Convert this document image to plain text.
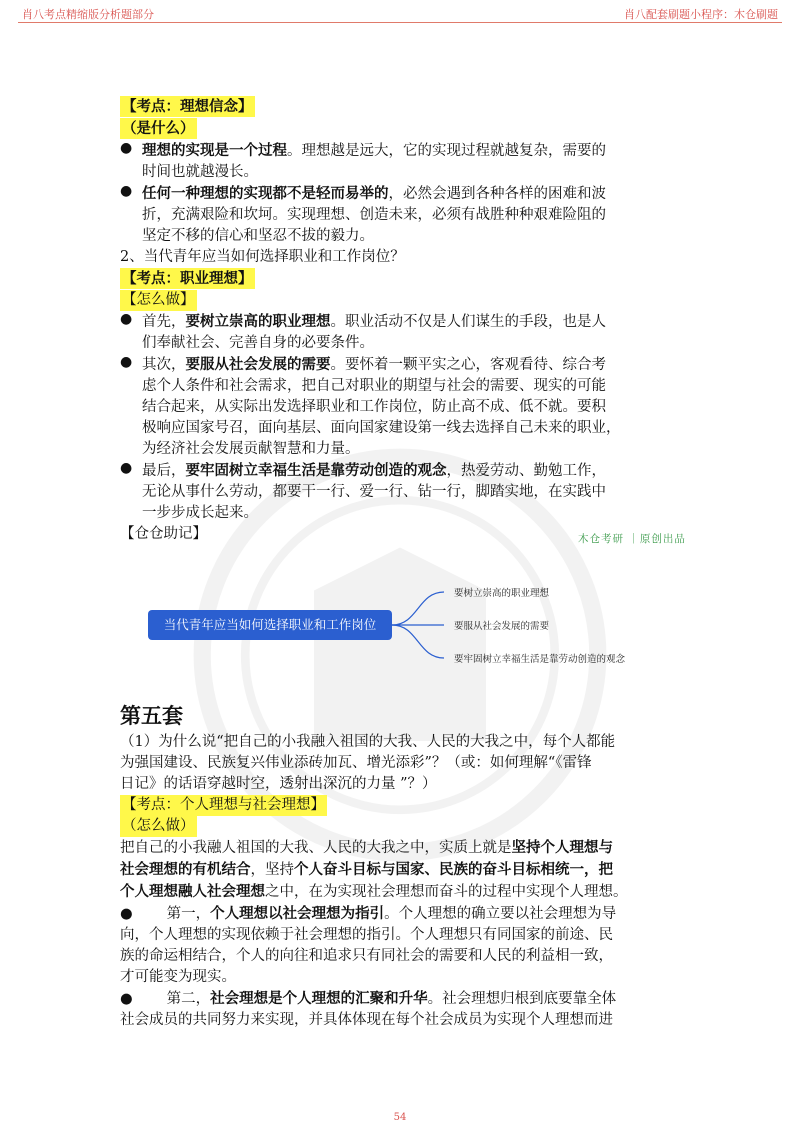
肖八考点精缩版分析题部分	肖八配套刷题小程序：木仓刷题
【考点：理想信念】
（是什么）
● 理想的实现是一个过程。理想越是远大，它的实现过程就越复杂，需要的
时间也就越漫长。
● 任何一种理想的实现都不是轻而易举的，必然会遇到各种各样的困难和波
折，充满艰险和坎坷。实现理想、创造未来，必须有战胜种种艰难险阻的
坚定不移的信心和坚忍不拔的毅力。
2、当代青年应当如何选择职业和工作岗位？
【考点：职业理想】
【怎么做】
● 首先，要树立崇高的职业理想。职业活动不仅是人们谋生的手段，也是人
们奉献社会、完善自身的必要条件。
● 其次，要服从社会发展的需要。要怀着一颗平实之心，客观看待、综合考
虑个人条件和社会需求，把自己对职业的期望与社会的需要、现实的可能
结合起来，从实际出发选择职业和工作岗位，防止高不成、低不就。要积
极响应国家号召，面向基层、面向国家建设第一线去选择自己未来的职业，
为经济社会发展贡献智慧和力量。
● 最后，要牢固树立幸福生活是靠劳动创造的观念，热爱劳动、勤勉工作，
无论从事什么劳动，都要干一行、爱一行、钻一行，脚踏实地，在实践中
一步步成长起来。
【仓仓助记】	木仓考研 ｜原创出品
当代青年应当如何选择职业和工作岗位
要树立崇高的职业理想
要服从社会发展的需要
要牢固树立幸福生活是靠劳动创造的观念
第五套
（1）为什么说“把自己的小我融入祖国的大我、人民的大我之中，每个人都能
为强国建设、民族复兴伟业添砖加瓦、增光添彩”？（或：如何理解“《雷锋
日记》的话语穿越时空，透射出深沉的力量 ”？）
【考点：个人理想与社会理想】
（怎么做）
把自己的小我融人祖国的大我、人民的大我之中，实质上就是坚持个人理想与
社会理想的有机结合，坚持个人奋斗目标与国家、民族的奋斗目标相统一，把
个人理想融人社会理想之中，在为实现社会理想而奋斗的过程中实现个人理想。
● 第一，个人理想以社会理想为指引。个人理想的确立要以社会理想为导
向，个人理想的实现依赖于社会理想的指引。个人理想只有同国家的前途、民
族的命运相结合，个人的向往和追求只有同社会的需要和人民的利益相一致，
才可能变为现实。
● 第二，社会理想是个人理想的汇聚和升华。社会理想归根到底要靠全体
社会成员的共同努力来实现，并具体体现在每个社会成员为实现个人理想而进
54
